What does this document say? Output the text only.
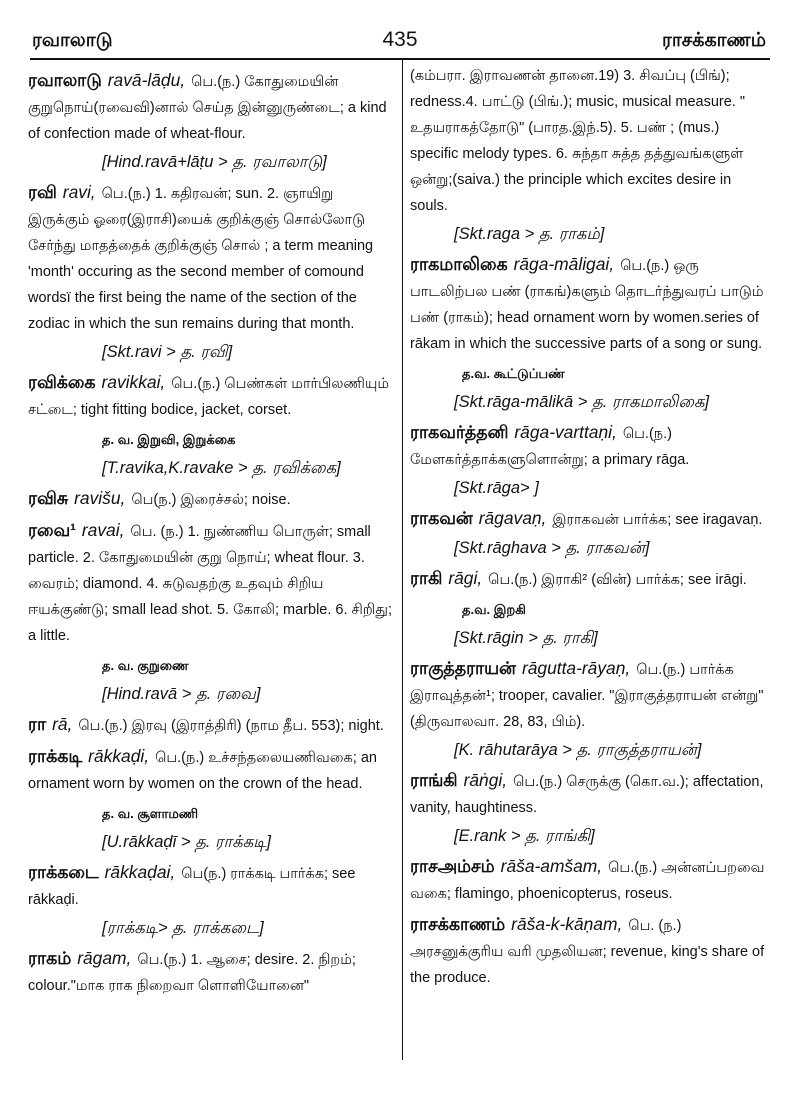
ரவாலாடு	435	ராசக்காணம்

ரவாலாடு ravā-lāḍu, பெ.(ந.) கோதுமையின் குறுநொய்(ரவைவி)னால் செய்த இன்னுருண்டை; a kind of confection made of wheat-flour.

[Hind.ravā+lāṭu > த. ரவாலாடு]

ரவி ravi, பெ.(ந.) 1. கதிரவன்; sun. 2. ஞாயிறு இருக்கும் ஓரை(இராசி)யைக் குறிக்குஞ் சொல்லோடு சேர்ந்து மாதத்தைக் குறிக்குஞ் சொல் ; a term meaning 'month' occuring as the second member of comound wordsï the first being the name of the section of the zodiac in which the sun remains during that month.

[Skt.ravi > த. ரவி]

ரவிக்கை ravikkai, பெ.(ந.) பெண்கள் மார்பிலணியும் சட்டை; tight fitting bodice, jacket, corset.

த. வ. இறுவி, இறுக்கை

[T.ravika,K.ravake > த. ரவிக்கை]

ரவிசு ravišu, பெ(ந.) இரைச்சல்; noise.

ரவை¹ ravai, பெ. (ந.) 1. நுண்ணிய பொருள்; small particle. 2. கோதுமையின் குறு நொய்; wheat flour. 3. வைரம்; diamond. 4. சுடுவதற்கு உதவும் சிறிய ஈயக்குண்டு; small lead shot. 5. கோலி; marble. 6. சிறிது; a little.

த. வ. குறுணை

[Hind.ravā > த. ரவை]

ரா rā, பெ.(ந.) இரவு (இராத்திரி) (நாம தீப. 553); night.

ராக்கடி rākkaḍi, பெ.(ந.) உச்சந்தலையணிவகை; an ornament worn by women on the crown of the head.

த. வ. சூளாமணி

[U.rākkaḍī > த. ராக்கடி]

ராக்கடை rākkaḍai, பெ(ந.) ராக்கடி பார்க்க; see rākkaḍi.

[ராக்கடி> த. ராக்கடை]

ராகம் rāgam, பெ.(ந.) 1. ஆசை; desire. 2. நிறம்; colour."மாக ராக நிறைவா ளொளியோனை"

(கம்பரா. இராவணன் தானை.19) 3. சிவப்பு (பிங்); redness.4. பாட்டு (பிங்.); music, musical measure. " உதயராகத்தோடு" (பாரத.இந்.5). 5. பண் ; (mus.) specific melody types. 6. சுந்தா சுத்த தத்துவங்களுள் ஒன்று;(saiva.) the principle which excites desire in souls.

[Skt.raga > த. ராகம்]

ராகமாலிகை rāga-māligai, பெ.(ந.) ஒரு பாடலிற்பல பண் (ராகங்)களும் தொடர்ந்துவரப் பாடும் பண் (ராகம்); head ornament worn by women.series of rākam in which the successive parts of a song or sung.

த.வ. கூட்டுப்பண்

[Skt.rāga-mālikā > த. ராகமாலிகை]

ராகவர்த்தனி rāga-varttaṇi, பெ.(ந.) மேளகர்த்தாக்களுளொன்று; a primary rāga.

[Skt.rāga> ]

ராகவன் rāgavaṇ, இராகவன் பார்க்க; see iragavaṇ.

[Skt.rāghava > த. ராகவன்]

ராகி rāgi, பெ.(ந.) இராகி² (வின்) பார்க்க; see irāgi.

த.வ. இறகி

[Skt.rāgin > த. ராகி]

ராகுத்தராயன் rāgutta-rāyaṇ, பெ.(ந.) பார்க்க இராவுத்தன்¹; trooper, cavalier. "இராகுத்தராயன் என்று" (திருவாலவா. 28, 83, பிம்).

[K. rāhutarāya > த. ராகுத்தராயன்]

ராங்கி rāṅgi, பெ.(ந.) செருக்கு (கொ.வ.); affectation, vanity, haughtiness.

[E.rank > த. ராங்கி]

ராசஅம்சம் rāša-amšam, பெ.(ந.) அன்னப்பறவை வகை; flamingo, phoenicopterus, roseus.

ராசக்காணம் rāša-k-kāṇam, பெ. (ந.) அரசனுக்குரிய வரி முதலியன; revenue, king's share of the produce.
